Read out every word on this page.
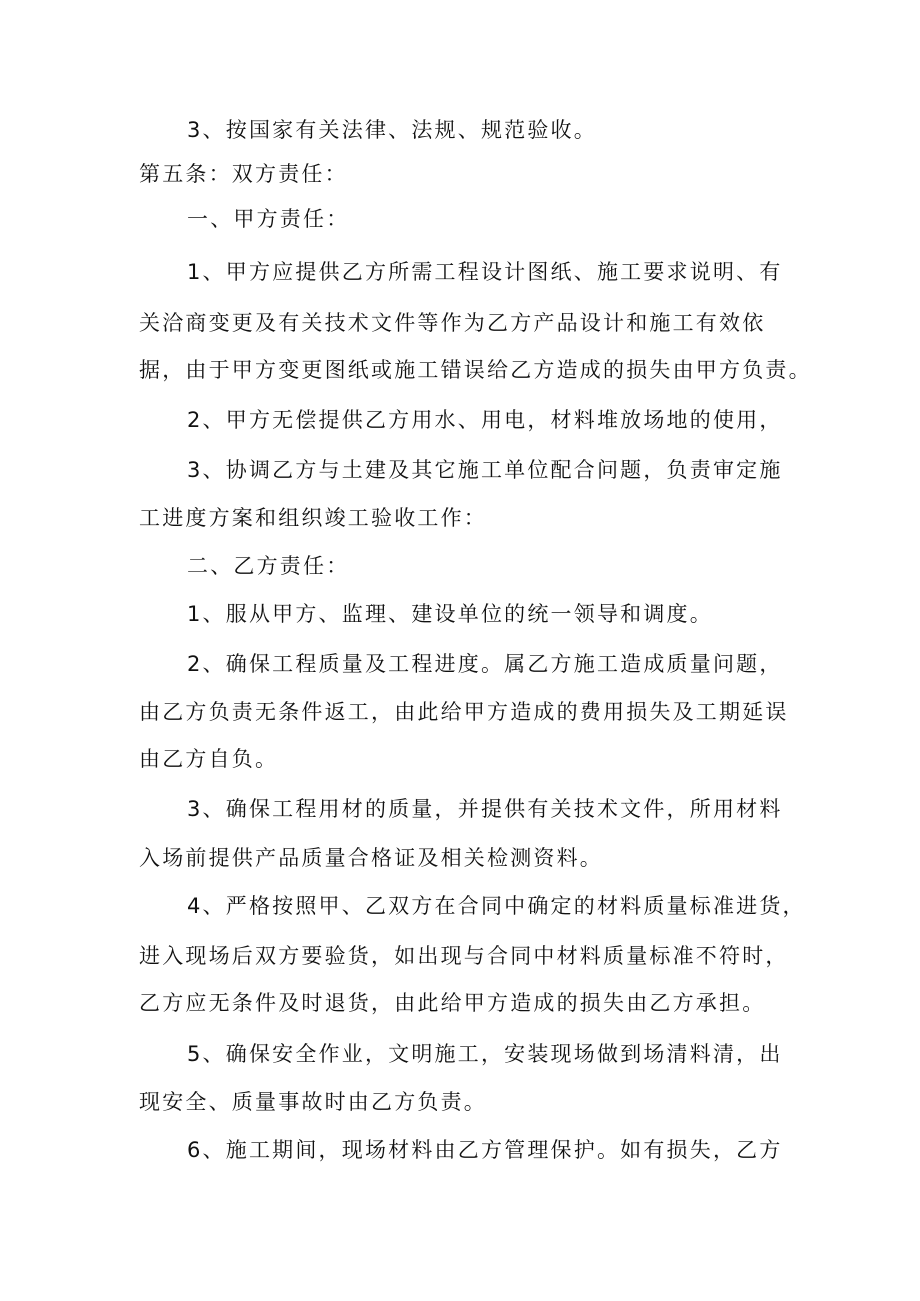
3、按国家有关法律、法规、规范验收。
第五条：双方责任：
一、甲方责任：
1、甲方应提供乙方所需工程设计图纸、施工要求说明、有
关洽商变更及有关技术文件等作为乙方产品设计和施工有效依
据，由于甲方变更图纸或施工错误给乙方造成的损失由甲方负责。
2、甲方无偿提供乙方用水、用电，材料堆放场地的使用，
3、协调乙方与土建及其它施工单位配合问题，负责审定施
工进度方案和组织竣工验收工作：
二、乙方责任：
1、服从甲方、监理、建设单位的统一领导和调度。
2、确保工程质量及工程进度。属乙方施工造成质量问题，
由乙方负责无条件返工，由此给甲方造成的费用损失及工期延误
由乙方自负。
3、确保工程用材的质量，并提供有关技术文件，所用材料
入场前提供产品质量合格证及相关检测资料。
4、严格按照甲、乙双方在合同中确定的材料质量标准进货，
进入现场后双方要验货，如出现与合同中材料质量标准不符时，
乙方应无条件及时退货，由此给甲方造成的损失由乙方承担。
5、确保安全作业，文明施工，安装现场做到场清料清，出
现安全、质量事故时由乙方负责。
6、施工期间，现场材料由乙方管理保护。如有损失，乙方
